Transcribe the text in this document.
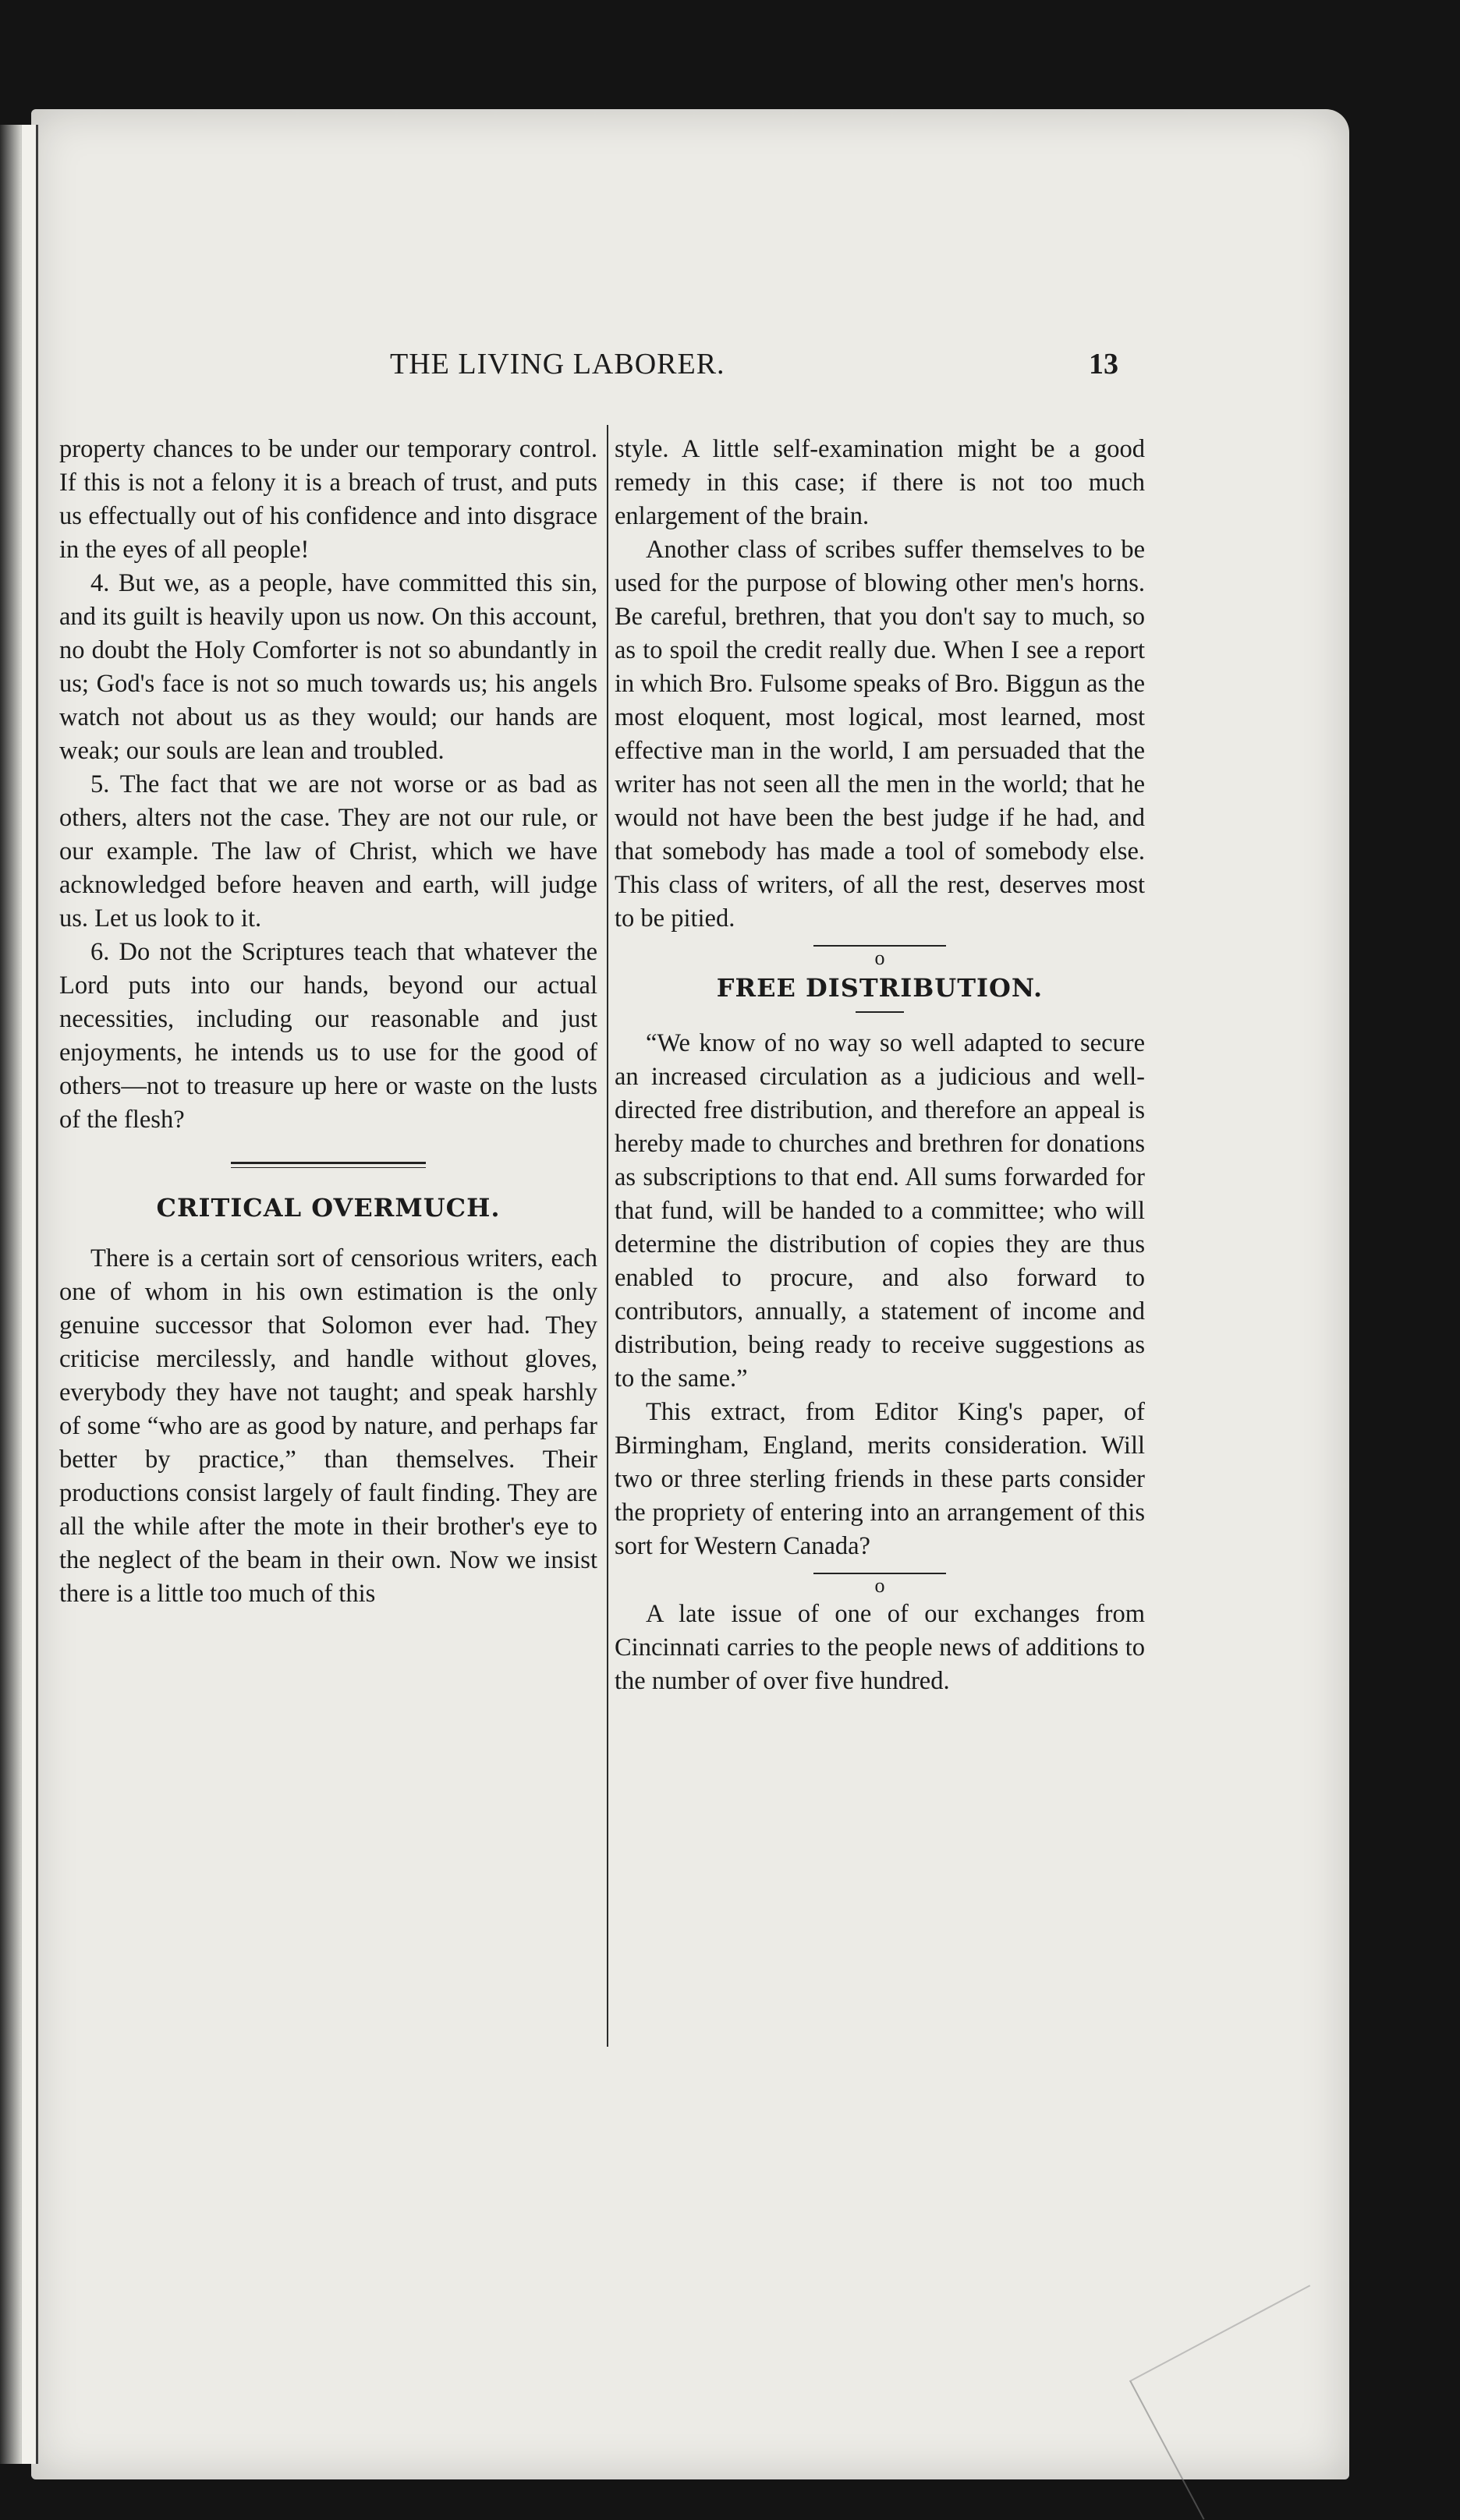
THE LIVING LABORER.	13

property chances to be under our temporary control. If this is not a felony it is a breach of trust, and puts us effectually out of his confidence and into disgrace in the eyes of all people!

4. But we, as a people, have committed this sin, and its guilt is heavily upon us now. On this account, no doubt the Holy Comforter is not so abundantly in us; God's face is not so much towards us; his angels watch not about us as they would; our hands are weak; our souls are lean and troubled.

5. The fact that we are not worse or as bad as others, alters not the case. They are not our rule, or our example. The law of Christ, which we have acknowledged before heaven and earth, will judge us. Let us look to it.

6. Do not the Scriptures teach that whatever the Lord puts into our hands, beyond our actual necessities, including our reasonable and just enjoyments, he intends us to use for the good of others—not to treasure up here or waste on the lusts of the flesh?

CRITICAL OVERMUCH.

There is a certain sort of censorious writers, each one of whom in his own estimation is the only genuine successor that Solomon ever had. They criticise mercilessly, and handle without gloves, everybody they have not taught; and speak harshly of some “who are as good by nature, and perhaps far better by practice,” than themselves. Their productions consist largely of fault finding. They are all the while after the mote in their brother's eye to the neglect of the beam in their own. Now we insist there is a little too much of this

style. A little self-examination might be a good remedy in this case; if there is not too much enlargement of the brain.

Another class of scribes suffer themselves to be used for the purpose of blowing other men's horns. Be careful, brethren, that you don't say to much, so as to spoil the credit really due. When I see a report in which Bro. Fulsome speaks of Bro. Biggun as the most eloquent, most logical, most learned, most effective man in the world, I am persuaded that the writer has not seen all the men in the world; that he would not have been the best judge if he had, and that somebody has made a tool of somebody else. This class of writers, of all the rest, deserves most to be pitied.

o
FREE DISTRIBUTION.

“We know of no way so well adapted to secure an increased circulation as a judicious and well-directed free distribution, and therefore an appeal is hereby made to churches and brethren for donations as subscriptions to that end. All sums forwarded for that fund, will be handed to a committee; who will determine the distribution of copies they are thus enabled to procure, and also forward to contributors, annually, a statement of income and distribution, being ready to receive suggestions as to the same.”

This extract, from Editor King's paper, of Birmingham, England, merits consideration. Will two or three sterling friends in these parts consider the propriety of entering into an arrangement of this sort for Western Canada?

o

A late issue of one of our exchanges from Cincinnati carries to the people news of additions to the number of over five hundred.
